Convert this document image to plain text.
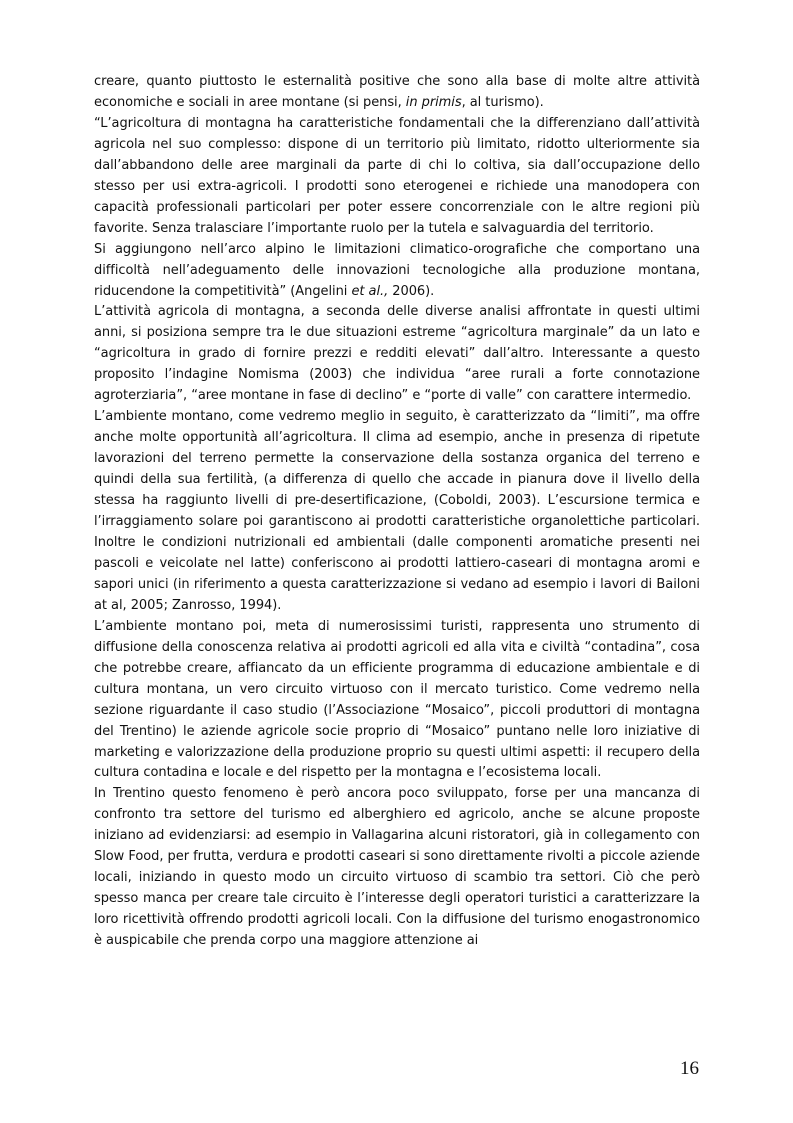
creare, quanto piuttosto le esternalità positive che sono alla base di molte altre attività economiche e sociali in aree montane (si pensi, in primis, al turismo).

“L’agricoltura di montagna ha caratteristiche fondamentali che la differenziano dall’attività agricola nel suo complesso: dispone di un territorio più limitato, ridotto ulteriormente sia dall’abbandono delle aree marginali da parte di chi lo coltiva, sia dall’occupazione dello stesso per usi extra-agricoli. I prodotti sono eterogenei e richiede una manodopera con capacità professionali particolari per poter essere concorrenziale con le altre regioni più favorite. Senza tralasciare l’importante ruolo per la tutela e salvaguardia del territorio.

Si aggiungono nell’arco alpino le limitazioni climatico-orografiche che comportano una difficoltà nell’adeguamento delle innovazioni tecnologiche alla produzione montana, riducendone la competitività” (Angelini et al., 2006).

L’attività agricola di montagna, a seconda delle diverse analisi affrontate in questi ultimi anni, si posiziona sempre tra le due situazioni estreme “agricoltura marginale” da un lato e “agricoltura in grado di fornire prezzi e redditi elevati” dall’altro. Interessante a questo proposito l’indagine Nomisma (2003) che individua “aree rurali a forte connotazione agroterziaria”, “aree montane in fase di declino” e “porte di valle” con carattere intermedio.

L’ambiente montano, come vedremo meglio in seguito, è caratterizzato da “limiti”, ma offre anche molte opportunità all’agricoltura. Il clima ad esempio, anche in presenza di ripetute lavorazioni del terreno permette la conservazione della sostanza organica del terreno e quindi della sua fertilità, (a differenza di quello che accade in pianura dove il livello della stessa ha raggiunto livelli di pre-desertificazione, (Coboldi, 2003). L’escursione termica e l’irraggiamento solare poi garantiscono ai prodotti caratteristiche organolettiche particolari. Inoltre le condizioni nutrizionali ed ambientali (dalle componenti aromatiche presenti nei pascoli e veicolate nel latte) conferiscono ai prodotti lattiero-caseari di montagna aromi e sapori unici (in riferimento a questa caratterizzazione si vedano ad esempio i lavori di Bailoni at al, 2005; Zanrosso, 1994).

L’ambiente montano poi, meta di numerosissimi turisti, rappresenta uno strumento di diffusione della conoscenza relativa ai prodotti agricoli ed alla vita e civiltà “contadina”, cosa che potrebbe creare, affiancato da un efficiente programma di educazione ambientale e di cultura montana, un vero circuito virtuoso con il mercato turistico. Come vedremo nella sezione riguardante il caso studio (l’Associazione “Mosaico”, piccoli produttori di montagna del Trentino) le aziende agricole socie proprio di “Mosaico” puntano nelle loro iniziative di marketing e valorizzazione della produzione proprio su questi ultimi aspetti: il recupero della cultura contadina e locale e del rispetto per la montagna e l’ecosistema locali.

In Trentino questo fenomeno è però ancora poco sviluppato, forse per una mancanza di confronto tra settore del turismo ed alberghiero ed agricolo, anche se alcune proposte iniziano ad evidenziarsi: ad esempio in Vallagarina alcuni ristoratori, già in collegamento con Slow Food, per frutta, verdura e prodotti caseari si sono direttamente rivolti a piccole aziende locali, iniziando in questo modo un circuito virtuoso di scambio tra settori. Ciò che però spesso manca per creare tale circuito è l’interesse degli operatori turistici a caratterizzare la loro ricettività offrendo prodotti agricoli locali. Con la diffusione del turismo enogastronomico è auspicabile che prenda corpo una maggiore attenzione ai

16
